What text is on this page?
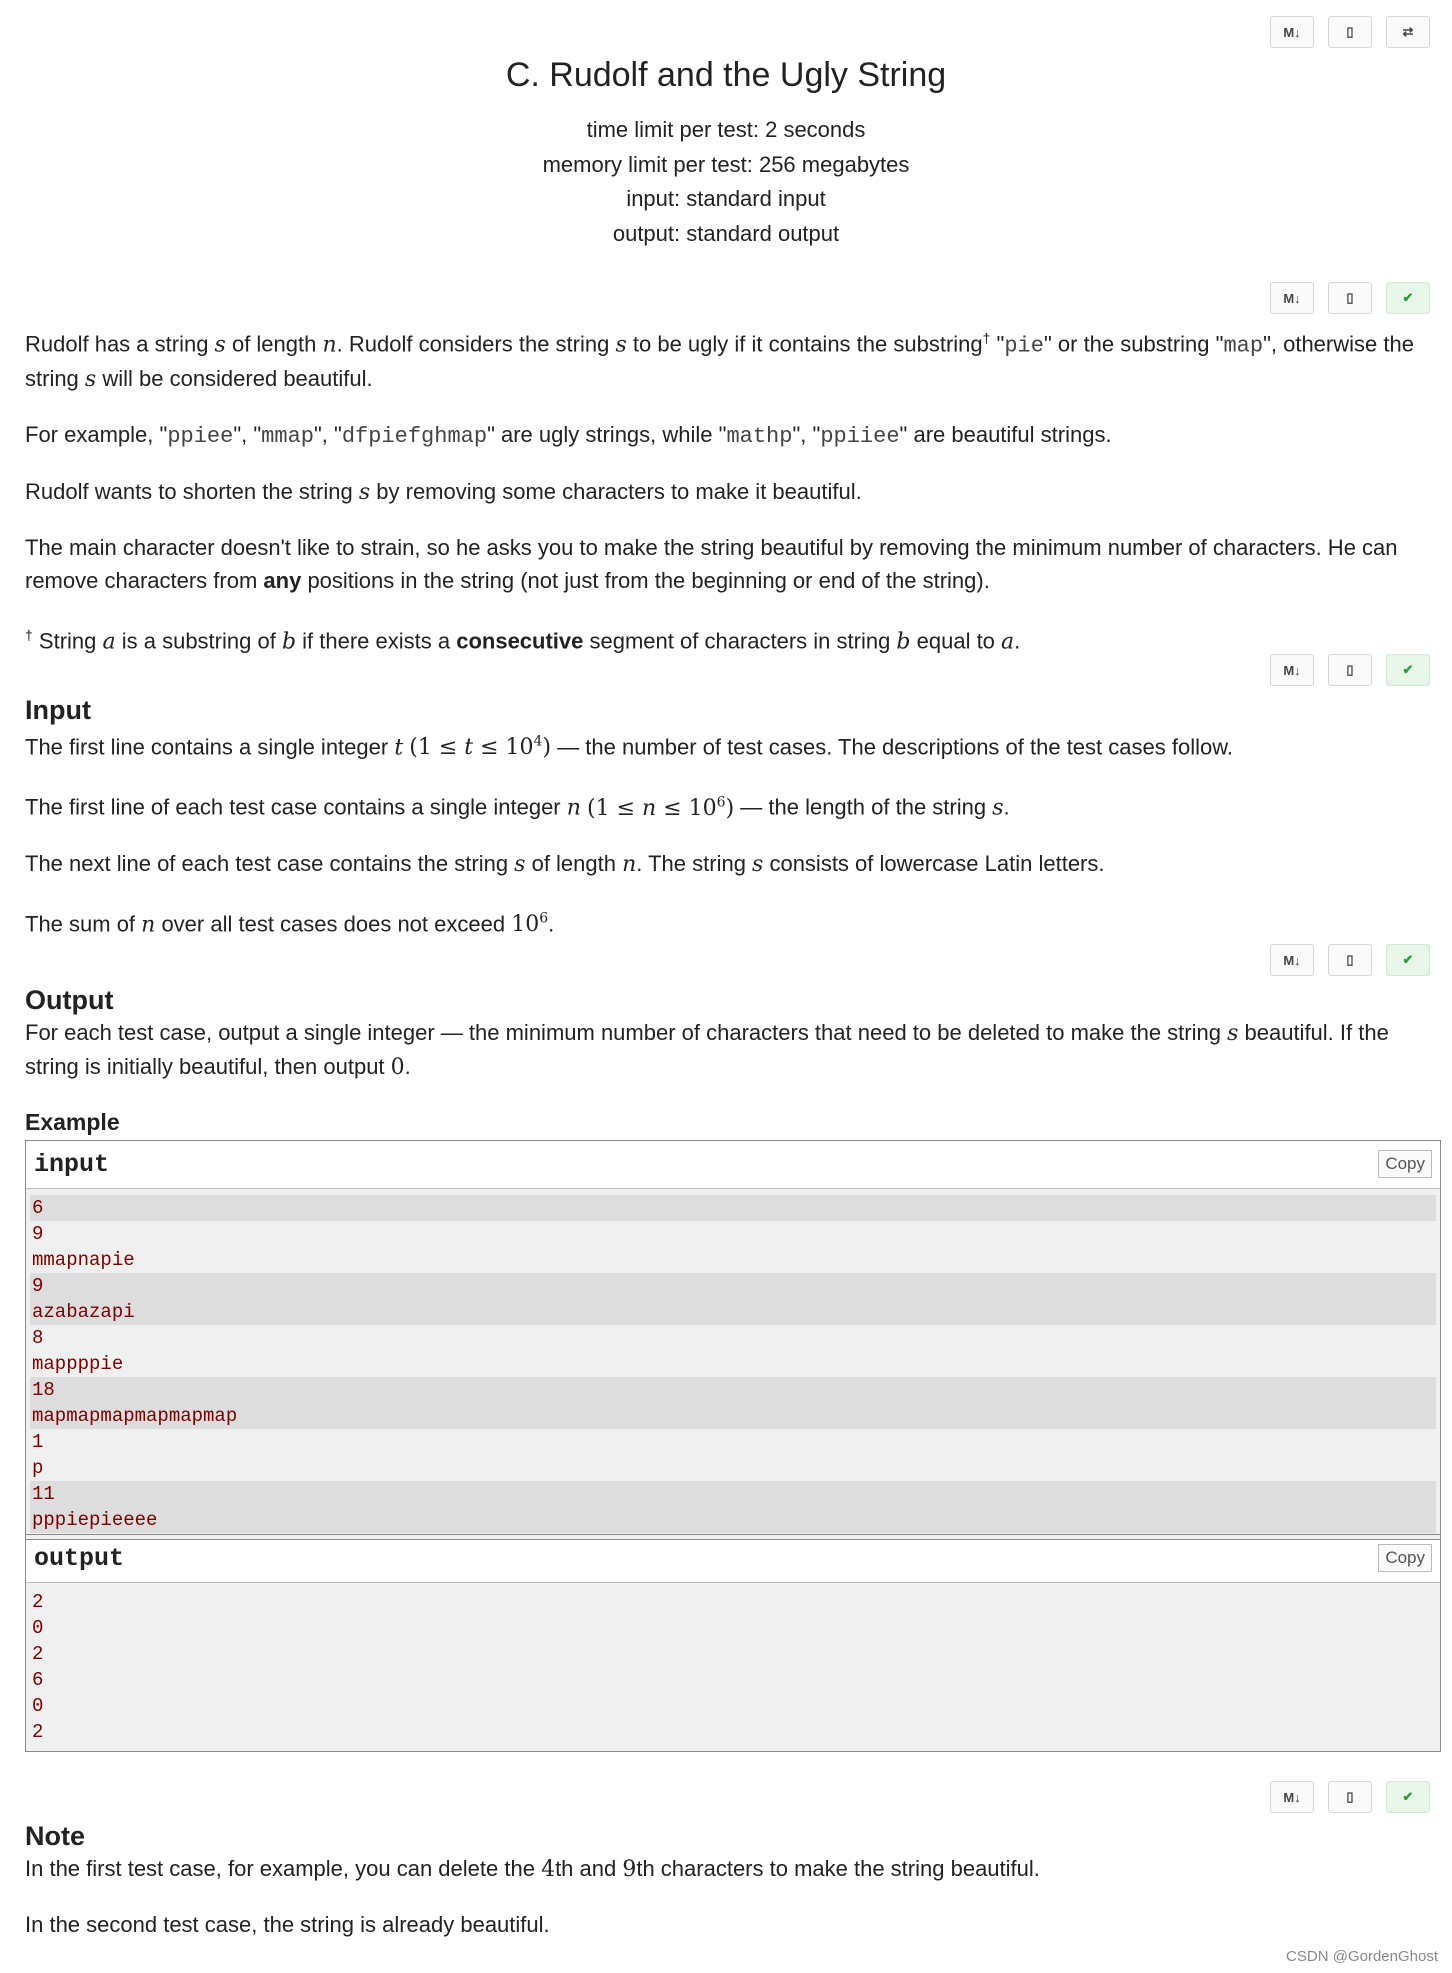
M↓	▯	⇄
C. Rudolf and the Ugly String
time limit per test: 2 seconds
memory limit per test: 256 megabytes
input: standard input
output: standard output
M↓	▯	✔

Rudolf has a string s of length n. Rudolf considers the string s to be ugly if it contains the substring† "pie" or the substring "map", otherwise the string s will be considered beautiful.

For example, "ppiee", "mmap", "dfpiefghmap" are ugly strings, while "mathp", "ppiiee" are beautiful strings.

Rudolf wants to shorten the string s by removing some characters to make it beautiful.

The main character doesn't like to strain, so he asks you to make the string beautiful by removing the minimum number of characters. He can remove characters from any positions in the string (not just from the beginning or end of the string).

† String a is a substring of b if there exists a consecutive segment of characters in string b equal to a.

M↓	▯	✔
Input

The first line contains a single integer t $(1 \le t \le 10^4)$ — the number of test cases. The descriptions of the test cases follow.

The first line of each test case contains a single integer n $(1 \le n \le 10^6)$ — the length of the string s.

The next line of each test case contains the string s of length n. The string s consists of lowercase Latin letters.

The sum of n over all test cases does not exceed $10^6$.

M↓	▯	✔
Output

For each test case, output a single integer — the minimum number of characters that need to be deleted to make the string s beautiful. If the string is initially beautiful, then output 0.

Example
input	Copy
6
9
mmapnapie
9
azabazapi
8
mappppie
18
mapmapmapmapmapmap
1
p
11
pppiepieeee
output	Copy
2
0
2
6
0
2
M↓	▯	✔
Note

In the first test case, for example, you can delete the 4th and 9th characters to make the string beautiful.

In the second test case, the string is already beautiful.

CSDN @GordenGhost
